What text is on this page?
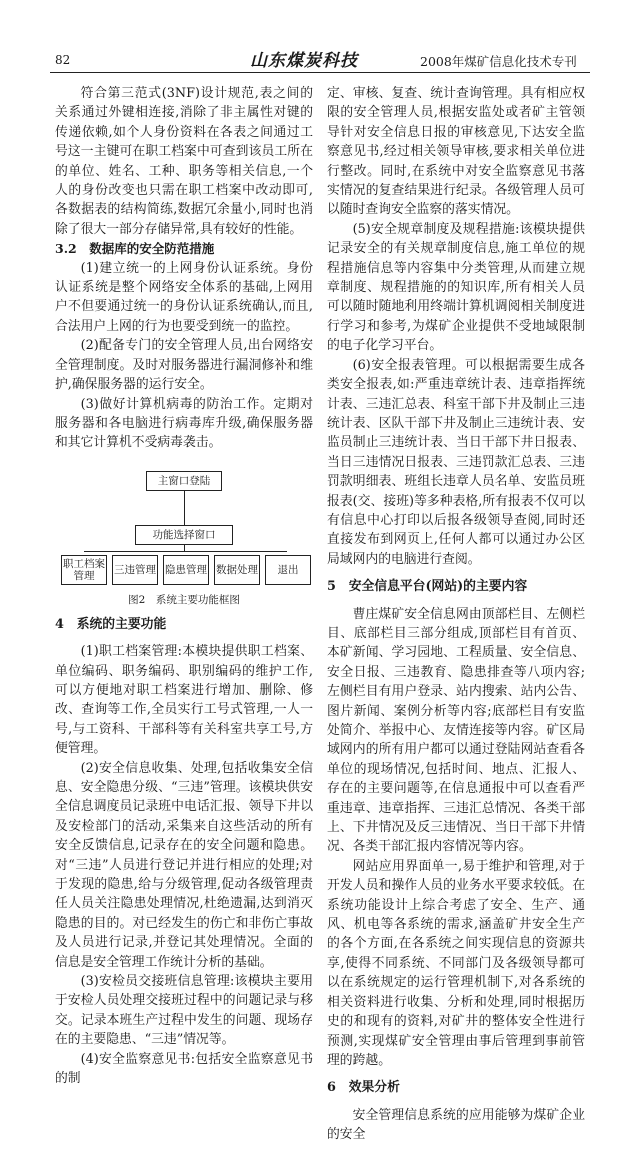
82	山东煤炭科技	2008年煤矿信息化技术专刊

符合第三范式(3NF)设计规范,表之间的关系通过外键相连接,消除了非主属性对键的传递依赖,如个人身份资料在各表之间通过工号这一主键可在职工档案中可查到该员工所在的单位、姓名、工种、职务等相关信息,一个人的身份改变也只需在职工档案中改动即可,各数据表的结构简练,数据冗余量小,同时也消除了很大一部分存储异常,具有较好的性能。

3.2　数据库的安全防范措施

(1)建立统一的上网身份认证系统。身份认证系统是整个网络安全体系的基础,上网用户不但要通过统一的身份认证系统确认,而且,合法用户上网的行为也要受到统一的监控。

(2)配备专门的安全管理人员,出台网络安全管理制度。及时对服务器进行漏洞修补和维护,确保服务器的运行安全。

(3)做好计算机病毒的防治工作。定期对服务器和各电脑进行病毒库升级,确保服务器和其它计算机不受病毒袭击。

主窗口登陆
功能选择窗口
职工档案管理	三违管理 隐患管理 数据处理	退出
图2　系统主要功能框图
4　系统的主要功能

(1)职工档案管理:本模块提供职工档案、单位编码、职务编码、职别编码的维护工作,可以方便地对职工档案进行增加、删除、修改、查询等工作,全员实行工号式管理,一人一号,与工资科、干部科等有关科室共享工号,方便管理。

(2)安全信息收集、处理,包括收集安全信息、安全隐患分级、“三违”管理。该模块供安全信息调度员记录班中电话汇报、领导下井以及安检部门的活动,采集来自这些活动的所有安全反馈信息,记录存在的安全问题和隐患。对“三违”人员进行登记并进行相应的处理;对于发现的隐患,给与分级管理,促动各级管理责任人员关注隐患处理情况,杜绝遗漏,达到消灭隐患的目的。对已经发生的伤亡和非伤亡事故及人员进行记录,并登记其处理情况。全面的信息是安全管理工作统计分析的基础。

(3)安检员交接班信息管理:该模块主要用于安检人员处理交接班过程中的问题记录与移交。记录本班生产过程中发生的问题、现场存在的主要隐患、“三违”情况等。

(4)安全监察意见书:包括安全监察意见书的制

定、审核、复查、统计查询管理。具有相应权限的安全管理人员,根据安监处或者矿主管领导针对安全信息日报的审核意见,下达安全监察意见书,经过相关领导审核,要求相关单位进行整改。同时,在系统中对安全监察意见书落实情况的复查结果进行纪录。各级管理人员可以随时查询安全监察的落实情况。

(5)安全规章制度及规程措施:该模块提供记录安全的有关规章制度信息,施工单位的规程措施信息等内容集中分类管理,从而建立规章制度、规程措施的的知识库,所有相关人员可以随时随地利用终端计算机调阅相关制度进行学习和参考,为煤矿企业提供不受地域限制的电子化学习平台。

(6)安全报表管理。可以根据需要生成各类安全报表,如:严重违章统计表、违章指挥统计表、三违汇总表、科室干部下井及制止三违统计表、区队干部下井及制止三违统计表、安监员制止三违统计表、当日干部下井日报表、当日三违情况日报表、三违罚款汇总表、三违罚款明细表、班组长违章人员名单、安监员班报表(交、接班)等多种表格,所有报表不仅可以有信息中心打印以后报各级领导查阅,同时还直接发布到网页上,任何人都可以通过办公区局域网内的电脑进行查阅。

5　安全信息平台(网站)的主要内容

曹庄煤矿安全信息网由顶部栏目、左侧栏目、底部栏目三部分组成,顶部栏目有首页、本矿新闻、学习园地、工程质量、安全信息、安全日报、三违教育、隐患排查等八项内容;左侧栏目有用户登录、站内搜索、站内公告、图片新闻、案例分析等内容;底部栏目有安监处简介、举报中心、友情连接等内容。矿区局域网内的所有用户都可以通过登陆网站查看各单位的现场情况,包括时间、地点、汇报人、存在的主要问题等,在信息通报中可以查看严重违章、违章指挥、三违汇总情况、各类干部上、下井情况及反三违情况、当日干部下井情况、各类干部汇报内容情况等内容。

网站应用界面单一,易于维护和管理,对于开发人员和操作人员的业务水平要求较低。在系统功能设计上综合考虑了安全、生产、通风、机电等各系统的需求,涵盖矿井安全生产的各个方面,在各系统之间实现信息的资源共享,使得不同系统、不同部门及各级领导都可以在系统规定的运行管理机制下,对各系统的相关资料进行收集、分析和处理,同时根据历史的和现有的资料,对矿井的整体安全性进行预测,实现煤矿安全管理由事后管理到事前管理的跨越。

6　效果分析

安全管理信息系统的应用能够为煤矿企业的安全
